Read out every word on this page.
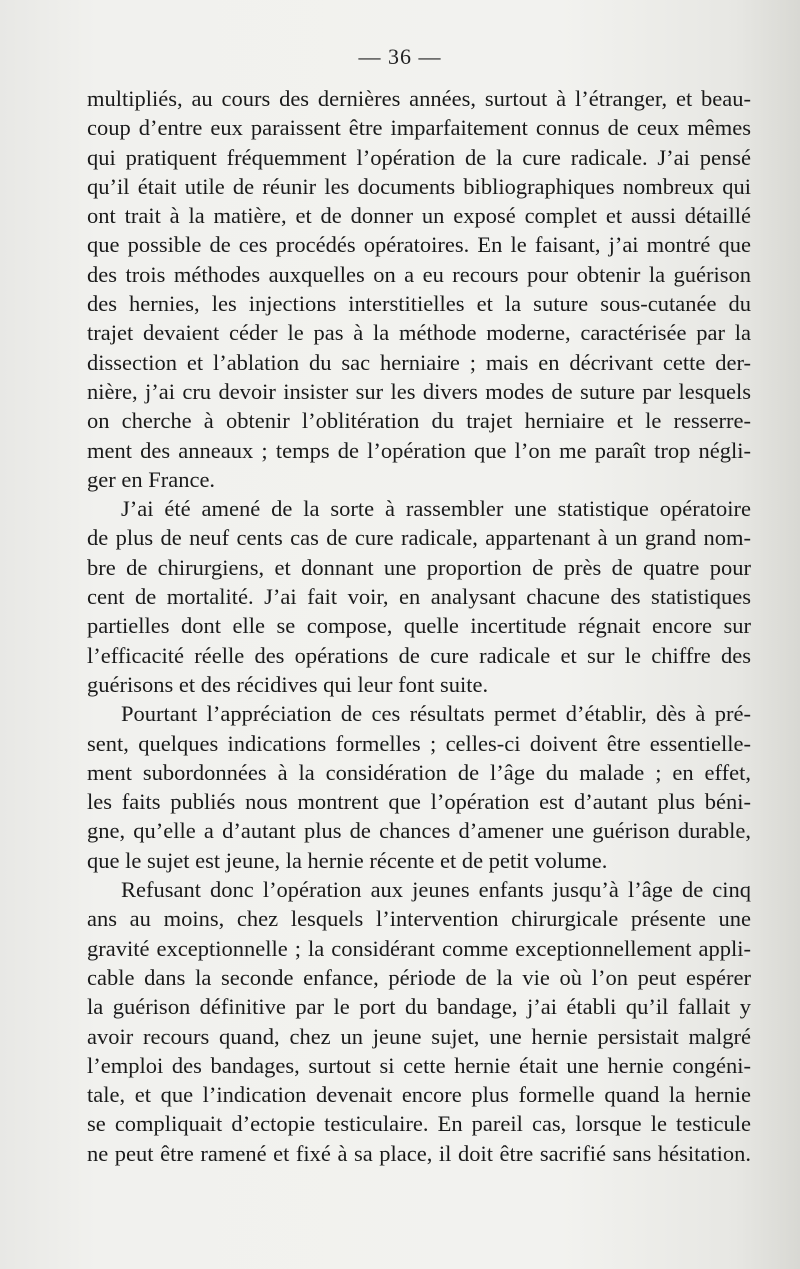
— 36 —
multipliés, au cours des dernières années, surtout à l’étranger, et beau-
coup d’entre eux paraissent être imparfaitement connus de ceux mêmes
qui pratiquent fréquemment l’opération de la cure radicale. J’ai pensé
qu’il était utile de réunir les documents bibliographiques nombreux qui
ont trait à la matière, et de donner un exposé complet et aussi détaillé
que possible de ces procédés opératoires. En le faisant, j’ai montré que
des trois méthodes auxquelles on a eu recours pour obtenir la guérison
des hernies, les injections interstitielles et la suture sous-cutanée du
trajet devaient céder le pas à la méthode moderne, caractérisée par la
dissection et l’ablation du sac herniaire ; mais en décrivant cette der-
nière, j’ai cru devoir insister sur les divers modes de suture par lesquels
on cherche à obtenir l’oblitération du trajet herniaire et le resserre-
ment des anneaux ; temps de l’opération que l’on me paraît trop négli-
ger en France.
J’ai été amené de la sorte à rassembler une statistique opératoire
de plus de neuf cents cas de cure radicale, appartenant à un grand nom-
bre de chirurgiens, et donnant une proportion de près de quatre pour
cent de mortalité. J’ai fait voir, en analysant chacune des statistiques
partielles dont elle se compose, quelle incertitude régnait encore sur
l’efficacité réelle des opérations de cure radicale et sur le chiffre des
guérisons et des récidives qui leur font suite.
Pourtant l’appréciation de ces résultats permet d’établir, dès à pré-
sent, quelques indications formelles ; celles-ci doivent être essentielle-
ment subordonnées à la considération de l’âge du malade ; en effet,
les faits publiés nous montrent que l’opération est d’autant plus béni-
gne, qu’elle a d’autant plus de chances d’amener une guérison durable,
que le sujet est jeune, la hernie récente et de petit volume.
Refusant donc l’opération aux jeunes enfants jusqu’à l’âge de cinq
ans au moins, chez lesquels l’intervention chirurgicale présente une
gravité exceptionnelle ; la considérant comme exceptionnellement appli-
cable dans la seconde enfance, période de la vie où l’on peut espérer
la guérison définitive par le port du bandage, j’ai établi qu’il fallait y
avoir recours quand, chez un jeune sujet, une hernie persistait malgré
l’emploi des bandages, surtout si cette hernie était une hernie congéni-
tale, et que l’indication devenait encore plus formelle quand la hernie
se compliquait d’ectopie testiculaire. En pareil cas, lorsque le testicule
ne peut être ramené et fixé à sa place, il doit être sacrifié sans hésitation.
